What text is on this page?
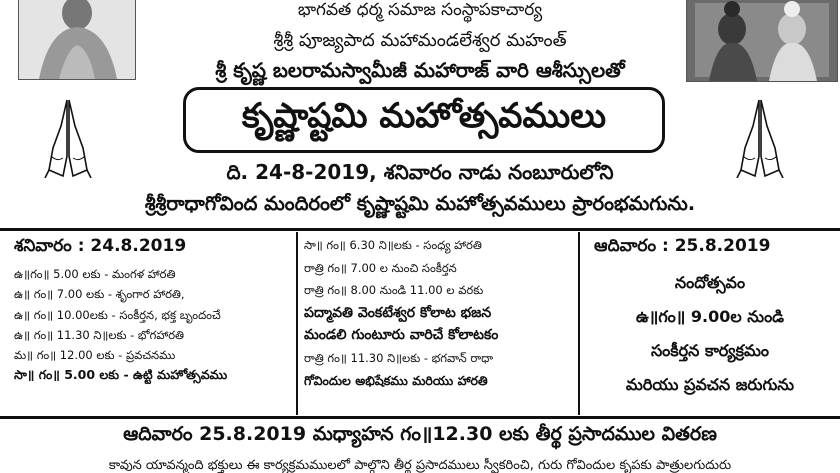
భాగవత ధర్మ సమాజ సంస్థాపకాచార్య
శ్రీశ్రీ పూజ్యపాద మహామండలేశ్వర మహంత్
శ్రీ కృష్ణ బలరామస్వామీజీ మహారాజ్ వారి ఆశీస్సులతో
కృష్ణాష్టమి మహోత్సవములు
ది. 24-8-2019, శనివారం నాడు నంబూరులోని
శ్రీశ్రీరాధాగోవింద మందిరంలో కృష్ణాష్టమి మహోత్సవములు ప్రారంభమగును.
శనివారం : 24.8.2019
ఉ॥గం॥ 5.00 లకు - మంగళ హారతి
ఉ॥ గం॥ 7.00 లకు - శృంగార హారతి,
ఉ॥ గం॥ 10.00లకు - సంకీర్తన, భక్త బృందంచే
ఉ॥ గం॥ 11.30 ని॥లకు - భోగహారతి
మ॥ గం॥ 12.00 లకు - ప్రవచనము
సా॥ గం॥ 5.00 లకు - ఉట్టి మహోత్సవము
సా॥ గం॥ 6.30 ని॥లకు - సంధ్య హారతి
రాత్రి గం॥ 7.00 ల నుంచి సంకీర్తన
రాత్రి గం॥ 8.00 నుండి 11.00 ల వరకు
పద్మావతి వెంకటేశ్వర కోలాట భజన
మండలి గుంటూరు వారిచే కోలాటకం
రాత్రి గం॥ 11.30 ని॥లకు - భగవాన్ రాధా
గోవిందుల అభిషేకము మరియు హారతి
ఆదివారం : 25.8.2019
నందోత్సవం
ఉ॥గం॥ 9.00ల నుండి
సంకీర్తన కార్యక్రమం
మరియు ప్రవచన జరుగును
ఆదివారం 25.8.2019 మధ్యాహన గం॥12.30 లకు తీర్థ ప్రసాదముల వితరణ
కావున యావన్మంది భక్తులు ఈ కార్యక్రమములలో పాల్గొని తీర్థ ప్రసాదములు స్వీకరించి, గురు గోవిందుల కృపకు పాత్రులగుదురు
